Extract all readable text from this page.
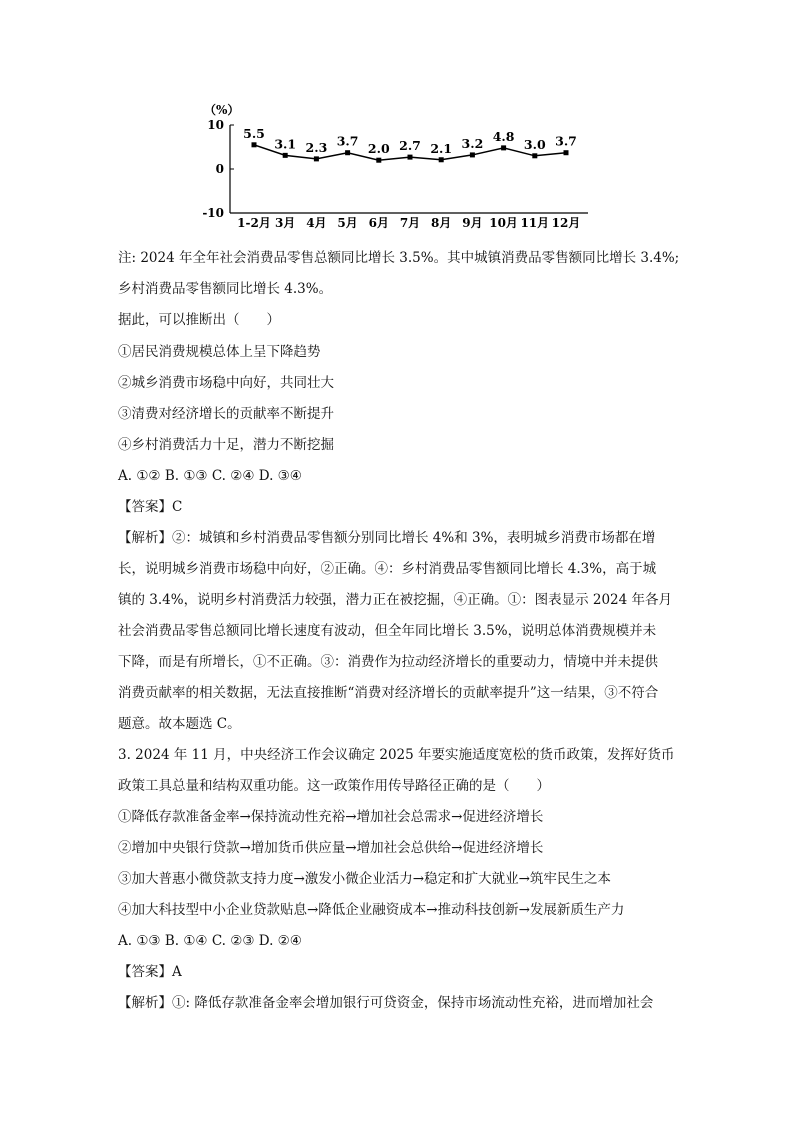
（%）
10
0
-10
1-2月 3月 4月 5月 6月 7月 8月 9月 10月 11月 12月
5.5
3.1 2.3 3.7 2.0 2.7 2.1 3.2 4.8
3.0 3.7
注: 2024 年全年社会消费品零售总额同比增长 3.5%。其中城镇消费品零售额同比增长 3.4%;
乡村消费品零售额同比增长 4.3%。
据此，可以推断出（　　）
①居民消费规模总体上呈下降趋势
②城乡消费市场稳中向好，共同壮大
③清费对经济增长的贡献率不断提升
④乡村消费活力十足，潜力不断挖掘
A. ①② B. ①③ C. ②④ D. ③④
【答案】C
【解析】②：城镇和乡村消费品零售额分别同比增长 4%和 3%，表明城乡消费市场都在增
长，说明城乡消费市场稳中向好，②正确。④：乡村消费品零售额同比增长 4.3%，高于城
镇的 3.4%，说明乡村消费活力较强，潜力正在被挖掘，④正确。①：图表显示 2024 年各月
社会消费品零售总额同比增长速度有波动，但全年同比增长 3.5%，说明总体消费规模并未
下降，而是有所增长，①不正确。③：消费作为拉动经济增长的重要动力，情境中并未提供
消费贡献率的相关数据，无法直接推断“消费对经济增长的贡献率提升”这一结果，③不符合
题意。故本题选 C。
3. 2024 年 11 月，中央经济工作会议确定 2025 年要实施适度宽松的货币政策，发挥好货币
政策工具总量和结构双重功能。这一政策作用传导路径正确的是（　　）
①降低存款准备金率→保持流动性充裕→增加社会总需求→促进经济增长
②增加中央银行贷款→增加货币供应量→增加社会总供给→促进经济增长
③加大普惠小微贷款支持力度→激发小微企业活力→稳定和扩大就业→筑牢民生之本
④加大科技型中小企业贷款贴息→降低企业融资成本→推动科技创新→发展新质生产力
A. ①③ B. ①④ C. ②③ D. ②④
【答案】A
【解析】①: 降低存款准备金率会增加银行可贷资金，保持市场流动性充裕，进而增加社会
